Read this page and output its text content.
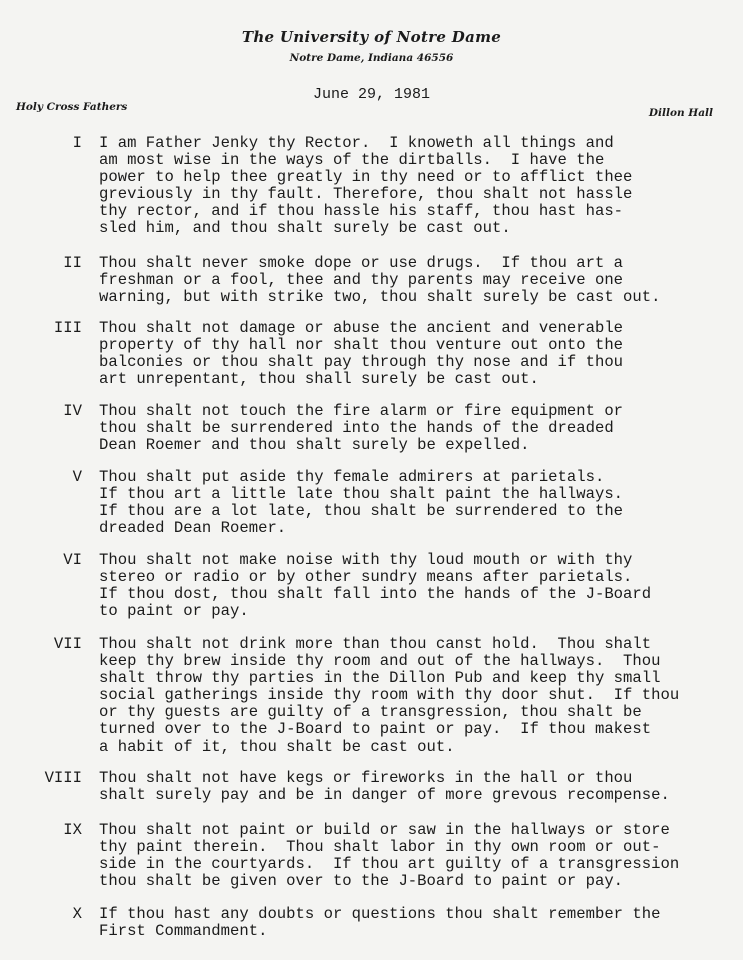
The University of Notre Dame
Notre Dame, Indiana 46556
June 29, 1981
Holy Cross Fathers	Dillon Hall
I I am Father Jenky thy Rector.  I knoweth all things and
am most wise in the ways of the dirtballs.  I have the
power to help thee greatly in thy need or to afflict thee
greviously in thy fault. Therefore, thou shalt not hassle
thy rector, and if thou hassle his staff, thou hast has-
sled him, and thou shalt surely be cast out.
II Thou shalt never smoke dope or use drugs.  If thou art a
freshman or a fool, thee and thy parents may receive one
warning, but with strike two, thou shalt surely be cast out.
III Thou shalt not damage or abuse the ancient and venerable
property of thy hall nor shalt thou venture out onto the
balconies or thou shalt pay through thy nose and if thou
art unrepentant, thou shall surely be cast out.
IV Thou shalt not touch the fire alarm or fire equipment or
thou shalt be surrendered into the hands of the dreaded
Dean Roemer and thou shalt surely be expelled.
V Thou shalt put aside thy female admirers at parietals.
If thou art a little late thou shalt paint the hallways.
If thou are a lot late, thou shalt be surrendered to the
dreaded Dean Roemer.
VI Thou shalt not make noise with thy loud mouth or with thy
stereo or radio or by other sundry means after parietals.
If thou dost, thou shalt fall into the hands of the J-Board
to paint or pay.
VII Thou shalt not drink more than thou canst hold.  Thou shalt
keep thy brew inside thy room and out of the hallways.  Thou
shalt throw thy parties in the Dillon Pub and keep thy small
social gatherings inside thy room with thy door shut.  If thou
or thy guests are guilty of a transgression, thou shalt be
turned over to the J-Board to paint or pay.  If thou makest
a habit of it, thou shalt be cast out.
VIII Thou shalt not have kegs or fireworks in the hall or thou
shalt surely pay and be in danger of more grevous recompense.
IX Thou shalt not paint or build or saw in the hallways or store
thy paint therein.  Thou shalt labor in thy own room or out-
side in the courtyards.  If thou art guilty of a transgression
thou shalt be given over to the J-Board to paint or pay.
X If thou hast any doubts or questions thou shalt remember the
First Commandment.
